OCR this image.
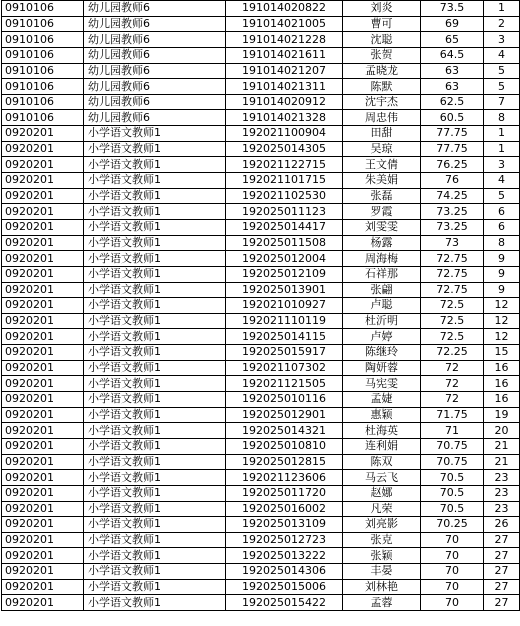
0910106	幼儿园教师6	191014020822	刘炎	73.5	1
0910106	幼儿园教师6	191014021005	曹可	69	2
0910106	幼儿园教师6	191014021228	沈聪	65	3
0910106	幼儿园教师6	191014021611	张贺	64.5	4
0910106	幼儿园教师6	191014021207	孟晓龙	63	5
0910106	幼儿园教师6	191014021311	陈默	63	5
0910106	幼儿园教师6	191014020912	沈宇杰	62.5	7
0910106	幼儿园教师6	191014021328	周忠伟	60.5	8
0920201	小学语文教师1	192021100904	田甜	77.75	1
0920201	小学语文教师1	192025014305	吴琼	77.75	1
0920201	小学语文教师1	192021122715	王文倩	76.25	3
0920201	小学语文教师1	192021101715	朱美娟	76	4
0920201	小学语文教师1	192021102530	张磊	74.25	5
0920201	小学语文教师1	192025011123	罗霞	73.25	6
0920201	小学语文教师1	192025014417	刘雯雯	73.25	6
0920201	小学语文教师1	192025011508	杨露	73	8
0920201	小学语文教师1	192025012004	周海梅	72.75	9
0920201	小学语文教师1	192025012109	石祥那	72.75	9
0920201	小学语文教师1	192025013901	张翩	72.75	9
0920201	小学语文教师1	192021010927	卢聪	72.5	12
0920201	小学语文教师1	192021110119	杜沂明	72.5	12
0920201	小学语文教师1	192025014115	卢婷	72.5	12
0920201	小学语文教师1	192025015917	陈继玲	72.25	15
0920201	小学语文教师1	192021107302	陶妍蓉	72	16
0920201	小学语文教师1	192021121505	马宪雯	72	16
0920201	小学语文教师1	192025010116	孟婕	72	16
0920201	小学语文教师1	192025012901	惠颖	71.75	19
0920201	小学语文教师1	192025014321	杜海英	71	20
0920201	小学语文教师1	192025010810	连利娟	70.75	21
0920201	小学语文教师1	192025012815	陈双	70.75	21
0920201	小学语文教师1	192021123606	马云飞	70.5	23
0920201	小学语文教师1	192025011720	赵娜	70.5	23
0920201	小学语文教师1	192025016002	凡荣	70.5	23
0920201	小学语文教师1	192025013109	刘亮影	70.25	26
0920201	小学语文教师1	192025012723	张克	70	27
0920201	小学语文教师1	192025013222	张颖	70	27
0920201	小学语文教师1	192025014306	丰晏	70	27
0920201	小学语文教师1	192025015006	刘林艳	70	27
0920201	小学语文教师1	192025015422	孟蓉	70	27
